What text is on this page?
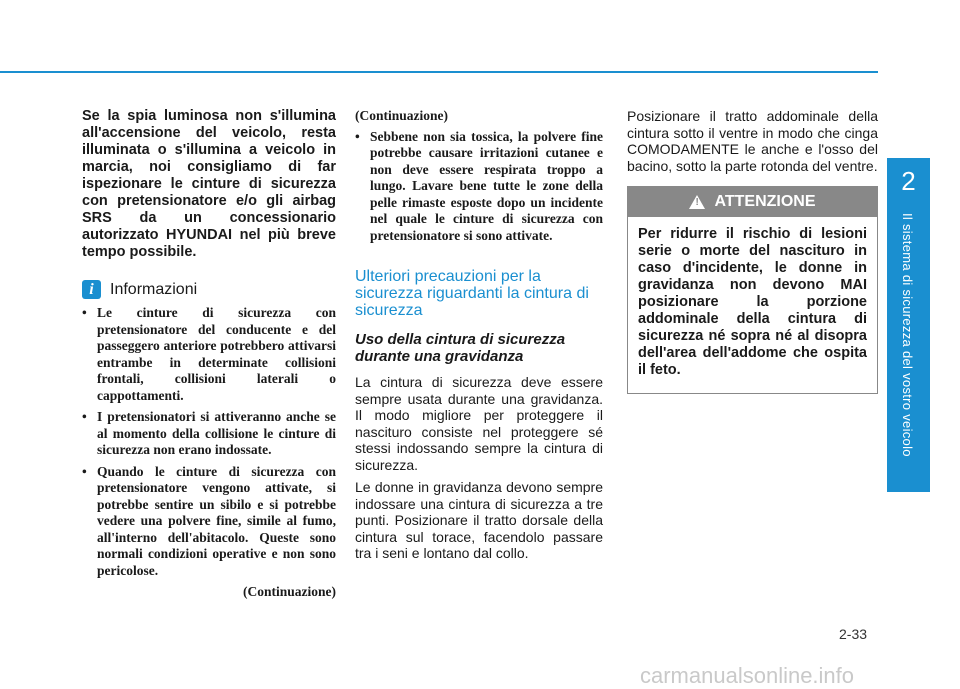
2
Il sistema di sicurezza del vostro veicolo

Se la spia luminosa non s'illumina all'accensione del veicolo, resta illuminata o s'illumina a veicolo in marcia, noi consigliamo di far ispezionare le cinture di sicurezza con pretensionatore e/o gli airbag SRS da un concessionario autorizzato HYUNDAI nel più breve tempo possibile.

i	Informazioni
• Le cinture di sicurezza con pretensionatore del conducente e del passeggero anteriore potrebbero attivarsi entrambe in determinate collisioni frontali, collisioni laterali o cappottamenti.
• I pretensionatori si attiveranno anche se al momento della collisione le cinture di sicurezza non erano indossate.
• Quando le cinture di sicurezza con pretensionatore vengono attivate, si potrebbe sentire un sibilo e si potrebbe vedere una polvere fine, simile al fumo, all'interno dell'abitacolo. Queste sono normali condizioni operative e non sono pericolose.
(Continuazione)
(Continuazione)
• Sebbene non sia tossica, la polvere fine potrebbe causare irritazioni cutanee e non deve essere respirata troppo a lungo. Lavare bene tutte le zone della pelle rimaste esposte dopo un incidente nel quale le cinture di sicurezza con pretensionatore si sono attivate.
Ulteriori precauzioni per la sicurezza riguardanti la cintura di sicurezza
Uso della cintura di sicurezza durante una gravidanza

La cintura di sicurezza deve essere sempre usata durante una gravidanza. Il modo migliore per proteggere il nascituro consiste nel proteggere sé stessi indossando sempre la cintura di sicurezza.

Le donne in gravidanza devono sempre indossare una cintura di sicurezza a tre punti. Posizionare il tratto dorsale della cintura sul torace, facendolo passare tra i seni e lontano dal collo.

Posizionare il tratto addominale della cintura sotto il ventre in modo che cinga COMODAMENTE le anche e l'osso del bacino, sotto la parte rotonda del ventre.

! ATTENZIONE
Per ridurre il rischio di lesioni serie o morte del nascituro in caso d'incidente, le donne in gravidanza non devono MAI posizionare la porzione addominale della cintura di sicurezza né sopra né al disopra dell'area dell'addome che ospita il feto.
2-33
carmanualsonline.info
